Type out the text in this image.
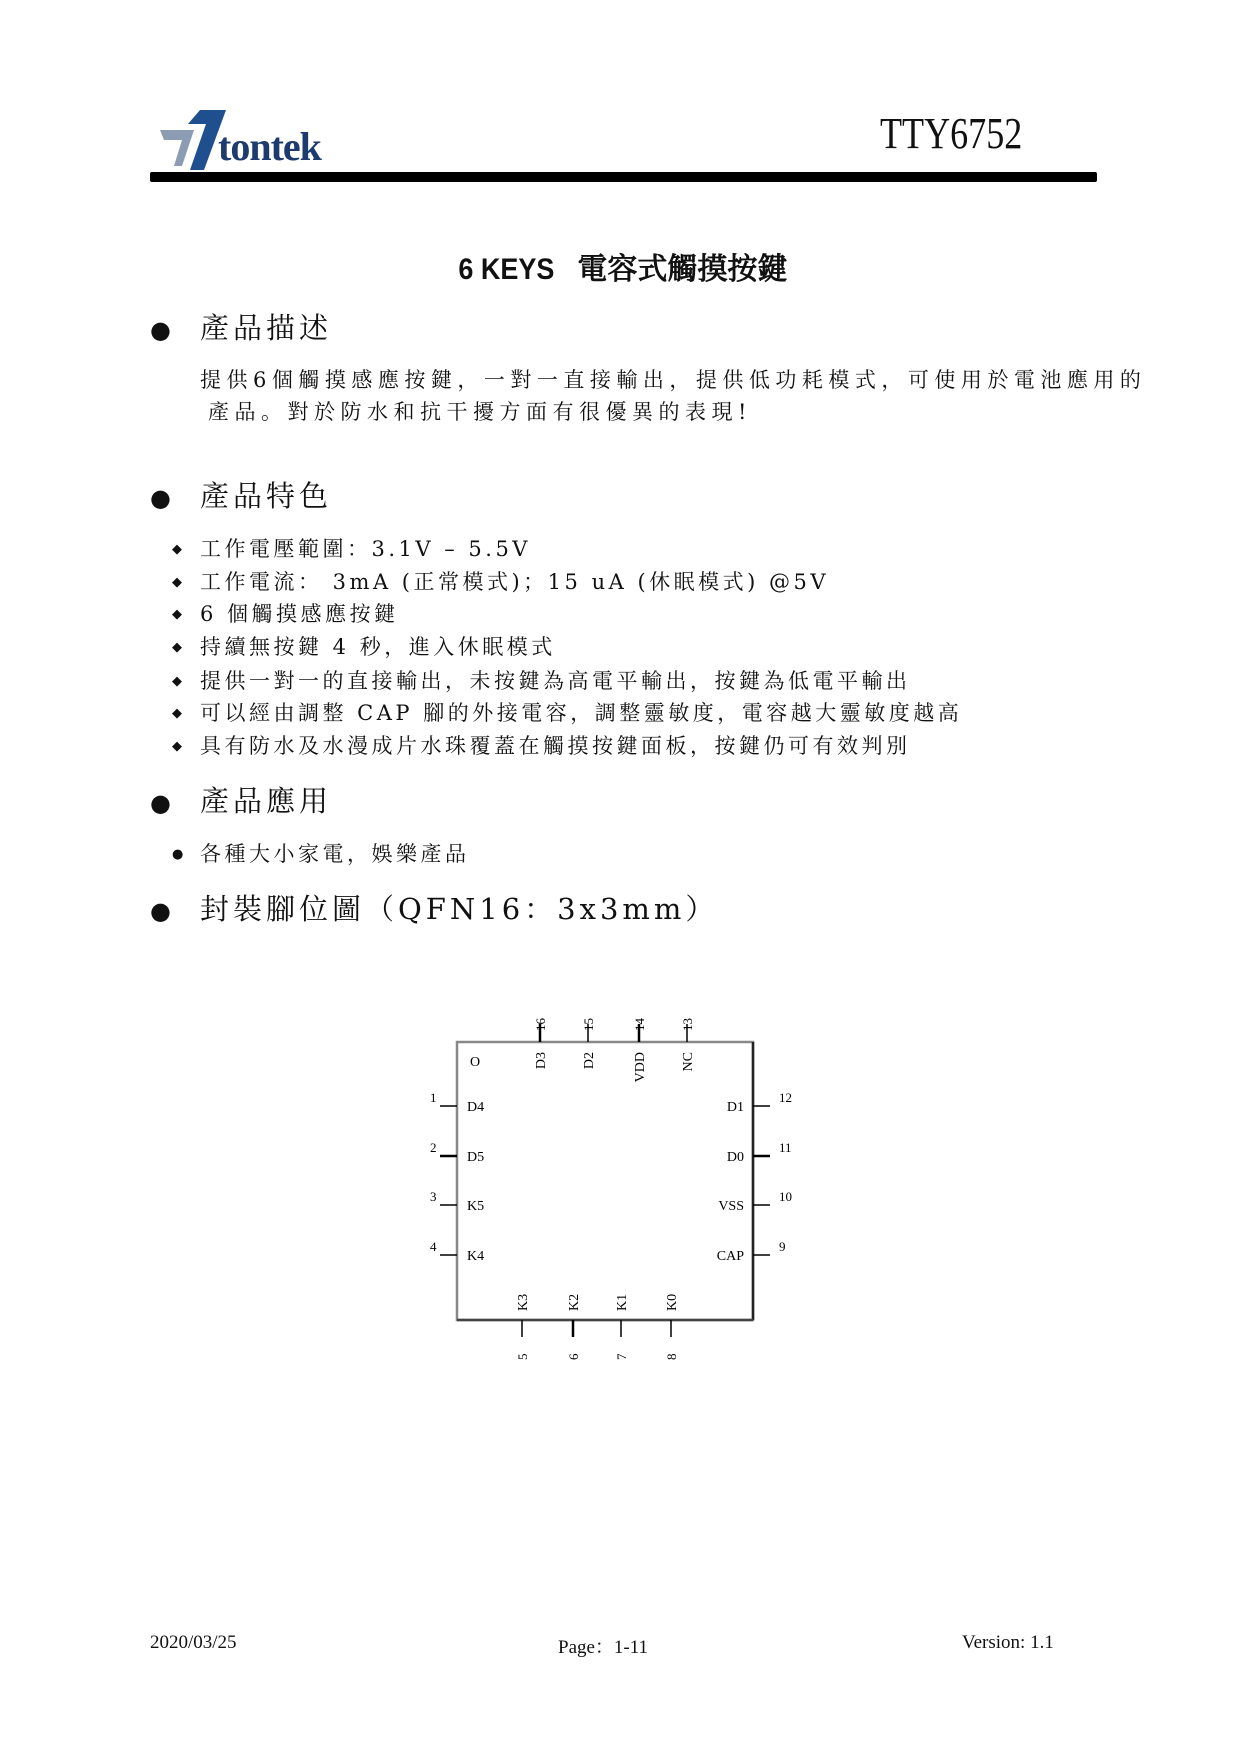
tontek	TTY6752
6 KEYS 電容式觸摸按鍵
● 產品描述
提供6個觸摸感應按鍵，一對一直接輸出，提供低功耗模式，可使用於電池應用的
產品。對於防水和抗干擾方面有很優異的表現!
● 產品特色
◆ 工作電壓範圍：3.1V – 5.5V
◆ 工作電流： 3mA (正常模式)；15 uA (休眠模式) @5V
◆ 6 個觸摸感應按鍵
◆ 持續無按鍵 4 秒，進入休眠模式
◆ 提供一對一的直接輸出，未按鍵為高電平輸出，按鍵為低電平輸出
◆ 可以經由調整 CAP 腳的外接電容，調整靈敏度，電容越大靈敏度越高
◆ 具有防水及水漫成片水珠覆蓋在觸摸按鍵面板，按鍵仍可有效判別
● 產品應用
● 各種大小家電，娛樂產品
● 封裝腳位圖（QFN16：3x3mm）
O
1
D4
2
D5
3
K5
4
K4
9
CAP
10
VSS
11
D0
12
D1
5
K3
6
K2
7
K1
8
K0
13
NC
14
VDD
15
D2
16
D3
2020/03/25	Page：1-11	Version: 1.1
